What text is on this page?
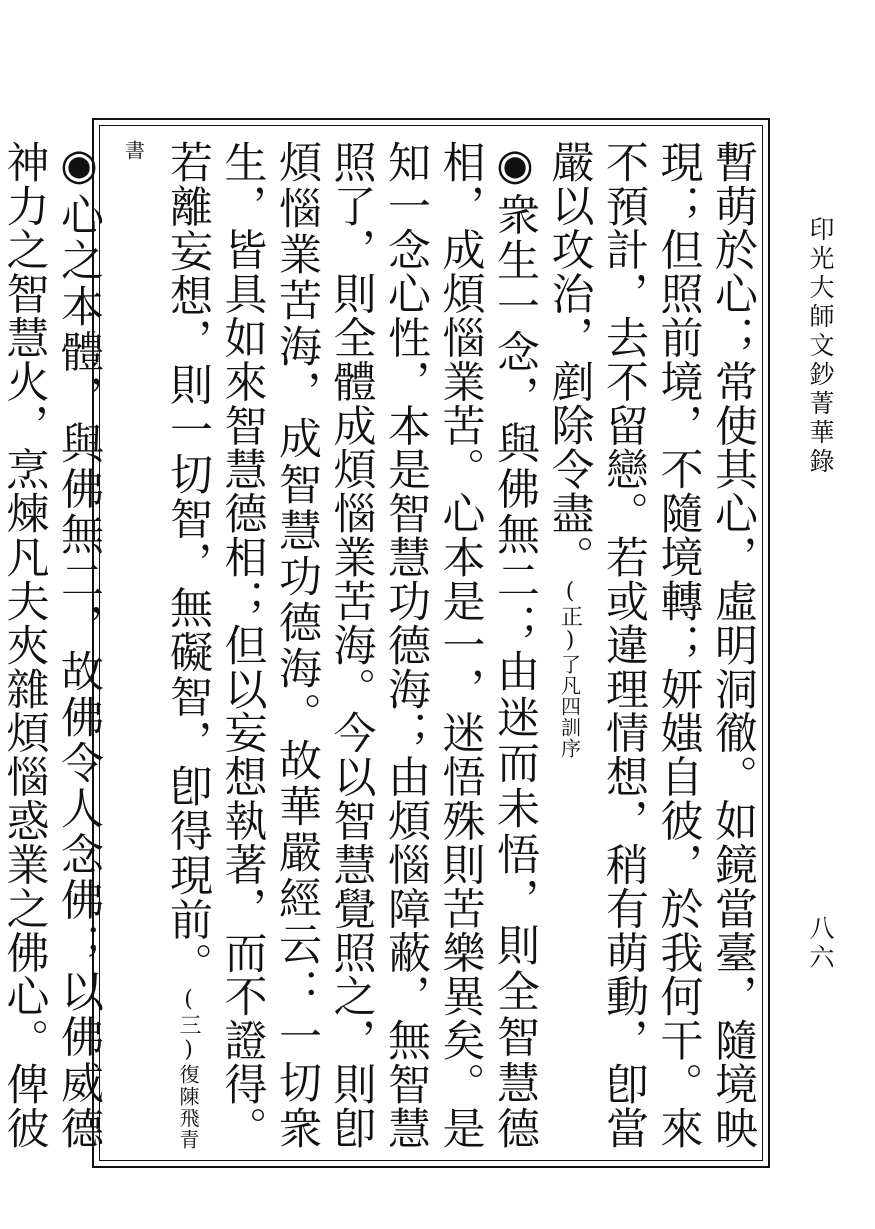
印光大師文鈔菁華錄
八六
暫萌於心；常使其心，虛明洞徹。如鏡當臺，隨境映現；但照前境，不隨境轉；妍媸自彼，於我何干。來不預計，去不留戀。若或違理情想，稍有萌動，卽當嚴以攻治，剷除令盡。(正)了凡四訓序
◉衆生一念，與佛無二；由迷而未悟，則全智慧德相，成煩惱業苦。心本是一，迷悟殊則苦樂異矣。是知一念心性，本是智慧功德海；由煩惱障蔽，無智慧照了，則全體成煩惱業苦海。今以智慧覺照之，則卽煩惱業苦海，成智慧功德海。故華嚴經云：一切衆生，皆具如來智慧德相；但以妄想執著，而不證得。若離妄想，則一切智，無礙智，卽得現前。(三)復陳飛青書
◉心之本體，與佛無二，故佛令人念佛；以佛威德神力之智慧火，烹煉凡夫夾雜煩惱惑業之佛心。俾彼
